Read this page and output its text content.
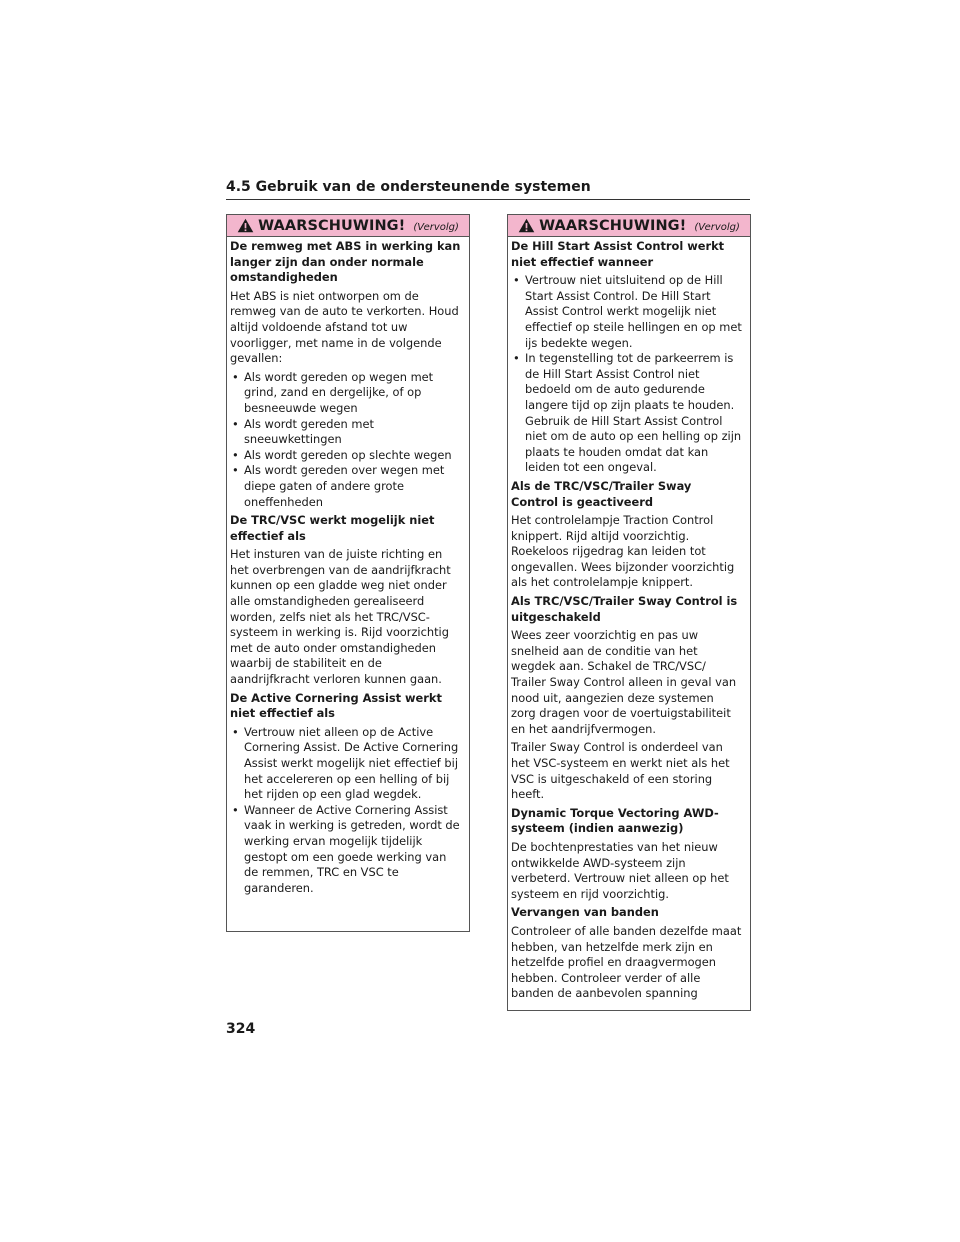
4.5 Gebruik van de ondersteunende systemen
WAARSCHUWING! (Vervolg)
De remweg met ABS in werking kan langer zijn dan onder normale omstandigheden
Het ABS is niet ontworpen om de remweg van de auto te verkorten. Houd altijd voldoende afstand tot uw voorligger, met name in de volgende gevallen:
• Als wordt gereden op wegen met grind, zand en dergelijke, of op besneeuwde wegen
• Als wordt gereden met sneeuwkettingen
• Als wordt gereden op slechte wegen
• Als wordt gereden over wegen met diepe gaten of andere grote oneffenheden
De TRC/VSC werkt mogelijk niet effectief als
Het insturen van de juiste richting en het overbrengen van de aandrijfkracht kunnen op een gladde weg niet onder alle omstandigheden gerealiseerd worden, zelfs niet als het TRC/VSC-systeem in werking is. Rijd voorzichtig met de auto onder omstandigheden waarbij de stabiliteit en de aandrijfkracht verloren kunnen gaan.
De Active Cornering Assist werkt niet effectief als
• Vertrouw niet alleen op de Active Cornering Assist. De Active Cornering Assist werkt mogelijk niet effectief bij het accelereren op een helling of bij het rijden op een glad wegdek.
• Wanneer de Active Cornering Assist vaak in werking is getreden, wordt de werking ervan mogelijk tijdelijk gestopt om een goede werking van de remmen, TRC en VSC te garanderen.
WAARSCHUWING! (Vervolg)
De Hill Start Assist Control werkt niet effectief wanneer
• Vertrouw niet uitsluitend op de Hill Start Assist Control. De Hill Start Assist Control werkt mogelijk niet effectief op steile hellingen en op met ijs bedekte wegen.
• In tegenstelling tot de parkeerrem is de Hill Start Assist Control niet bedoeld om de auto gedurende langere tijd op zijn plaats te houden. Gebruik de Hill Start Assist Control niet om de auto op een helling op zijn plaats te houden omdat dat kan leiden tot een ongeval.
Als de TRC/VSC/Trailer Sway Control is geactiveerd
Het controlelampje Traction Control knippert. Rijd altijd voorzichtig. Roekeloos rijgedrag kan leiden tot ongevallen. Wees bijzonder voorzichtig als het controlelampje knippert.
Als TRC/VSC/Trailer Sway Control is uitgeschakeld
Wees zeer voorzichtig en pas uw snelheid aan de conditie van het wegdek aan. Schakel de TRC/VSC/ Trailer Sway Control alleen in geval van nood uit, aangezien deze systemen zorg dragen voor de voertuigstabiliteit en het aandrijfvermogen.
Trailer Sway Control is onderdeel van het VSC-systeem en werkt niet als het VSC is uitgeschakeld of een storing heeft.
Dynamic Torque Vectoring AWD-systeem (indien aanwezig)
De bochtenprestaties van het nieuw ontwikkelde AWD-systeem zijn verbeterd. Vertrouw niet alleen op het systeem en rijd voorzichtig.
Vervangen van banden
Controleer of alle banden dezelfde maat hebben, van hetzelfde merk zijn en hetzelfde profiel en draagvermogen hebben. Controleer verder of alle banden de aanbevolen spanning
324
